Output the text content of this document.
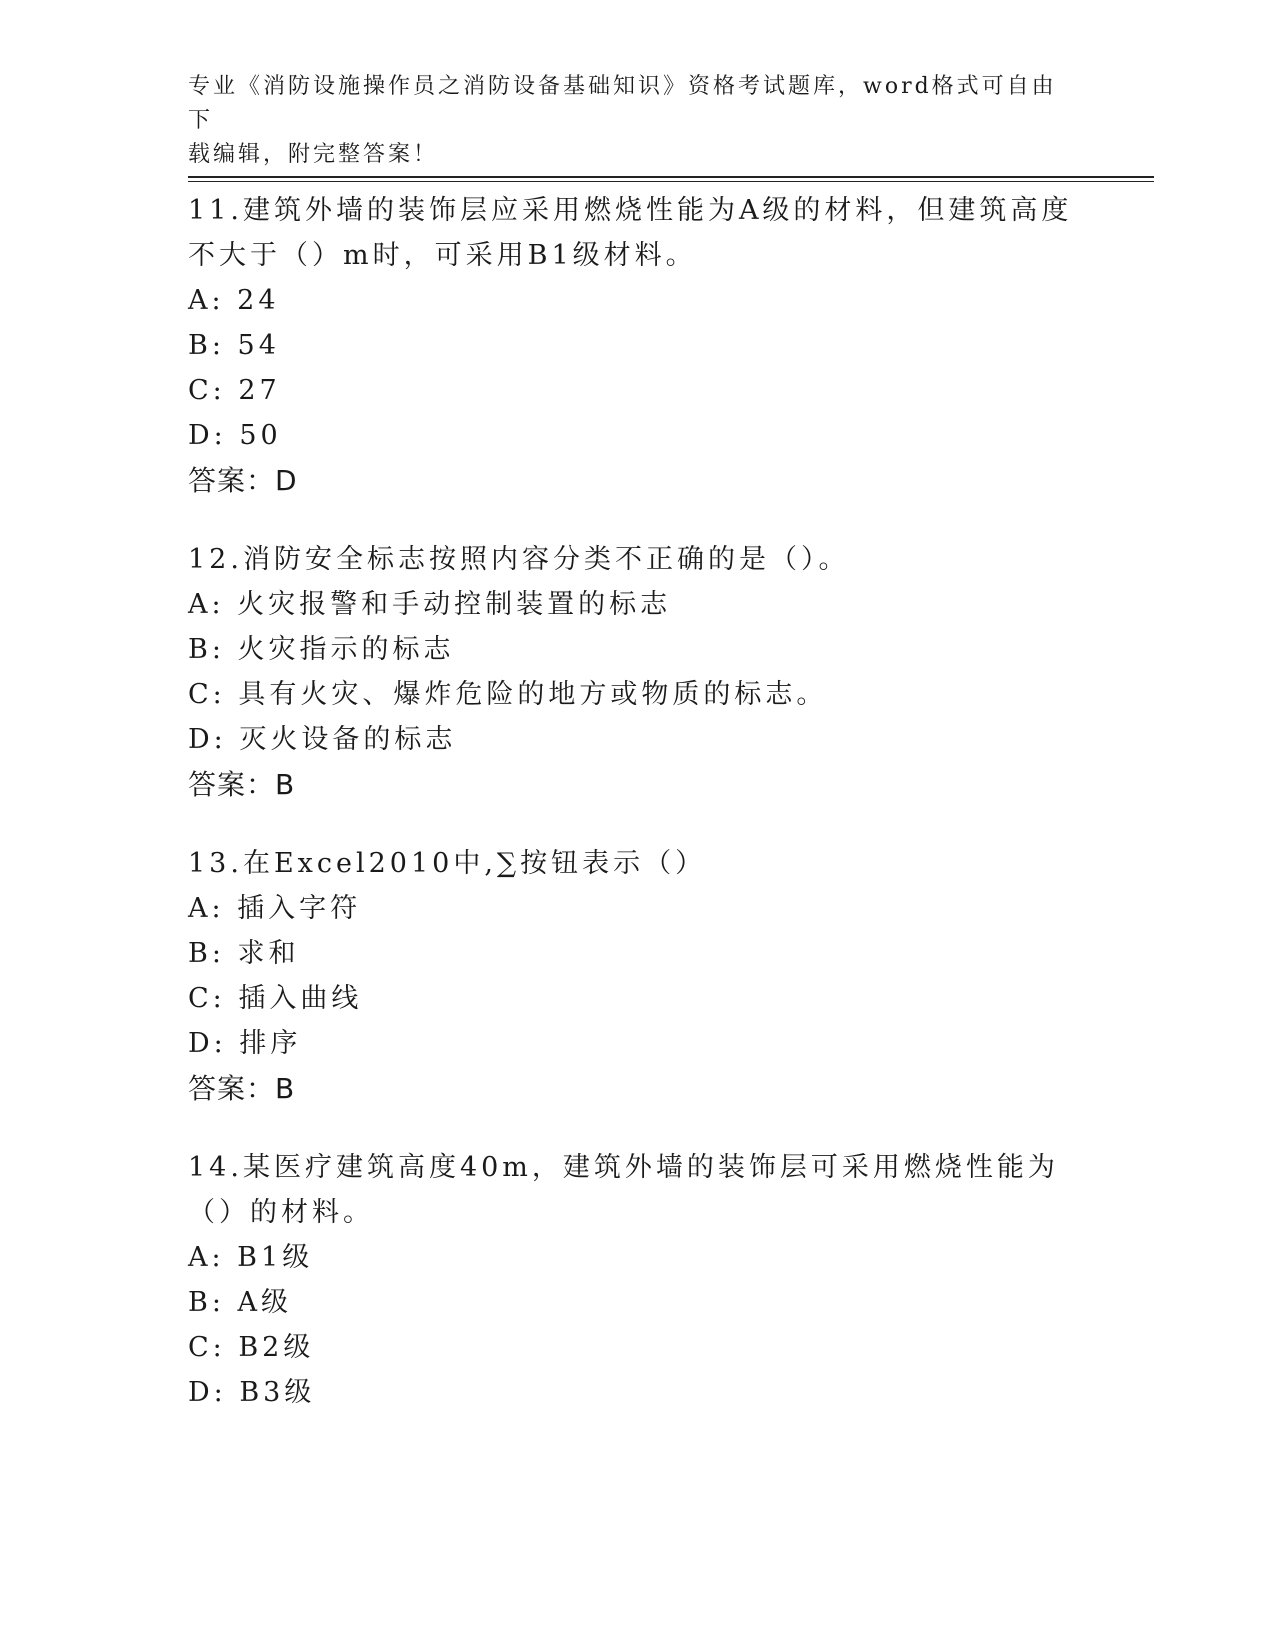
专业《消防设施操作员之消防设备基础知识》资格考试题库，word格式可自由下
载编辑，附完整答案！
11.建筑外墙的装饰层应采用燃烧性能为A级的材料，但建筑高度不大于（）m时，可采用B1级材料。
A: 24
B: 54
C: 27
D: 50
答案：D
12.消防安全标志按照内容分类不正确的是（）。
A: 火灾报警和手动控制装置的标志
B: 火灾指示的标志
C: 具有火灾、爆炸危险的地方或物质的标志。
D: 灭火设备的标志
答案：B
13.在Excel2010中,∑按钮表示（）
A: 插入字符
B: 求和
C: 插入曲线
D: 排序
答案：B
14.某医疗建筑高度40m，建筑外墙的装饰层可采用燃烧性能为（）的材料。
A: B1级
B: A级
C: B2级
D: B3级
